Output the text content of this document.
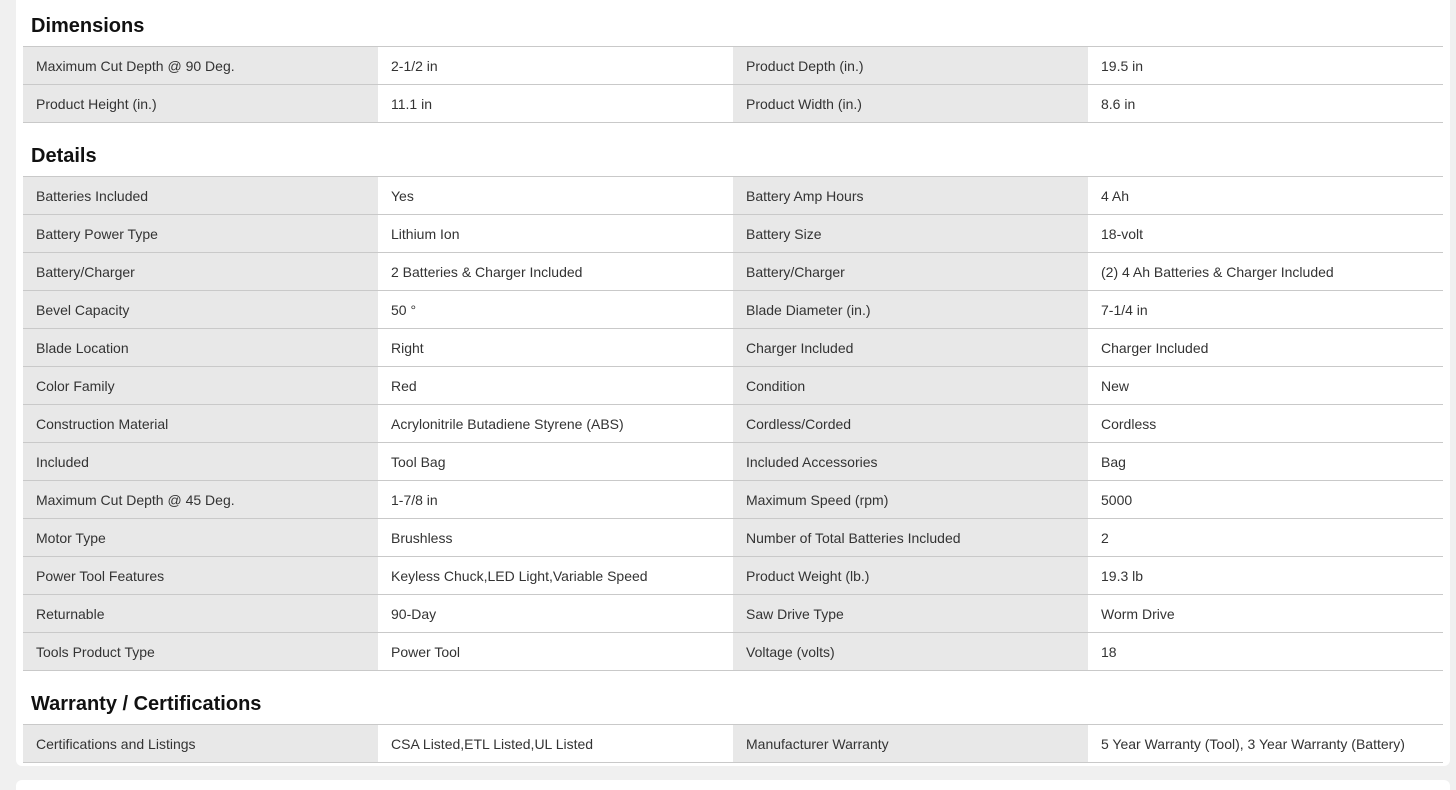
Dimensions
Maximum Cut Depth @ 90 Deg.	2-1/2 in	Product Depth (in.)	19.5 in
Product Height (in.)	11.1 in	Product Width (in.)	8.6 in
Details
Batteries Included	Yes	Battery Amp Hours	4 Ah
Battery Power Type	Lithium Ion	Battery Size	18-volt
Battery/Charger	2 Batteries & Charger Included	Battery/Charger	(2) 4 Ah Batteries & Charger Included
Bevel Capacity	50 °	Blade Diameter (in.)	7-1/4 in
Blade Location	Right	Charger Included	Charger Included
Color Family	Red	Condition	New
Construction Material	Acrylonitrile Butadiene Styrene (ABS)	Cordless/Corded	Cordless
Included	Tool Bag	Included Accessories	Bag
Maximum Cut Depth @ 45 Deg.	1-7/8 in	Maximum Speed (rpm)	5000
Motor Type	Brushless	Number of Total Batteries Included	2
Power Tool Features	Keyless Chuck,LED Light,Variable Speed	Product Weight (lb.)	19.3 lb
Returnable	90-Day	Saw Drive Type	Worm Drive
Tools Product Type	Power Tool	Voltage (volts)	18
Warranty / Certifications
Certifications and Listings	CSA Listed,ETL Listed,UL Listed	Manufacturer Warranty	5 Year Warranty (Tool), 3 Year Warranty (Battery)
